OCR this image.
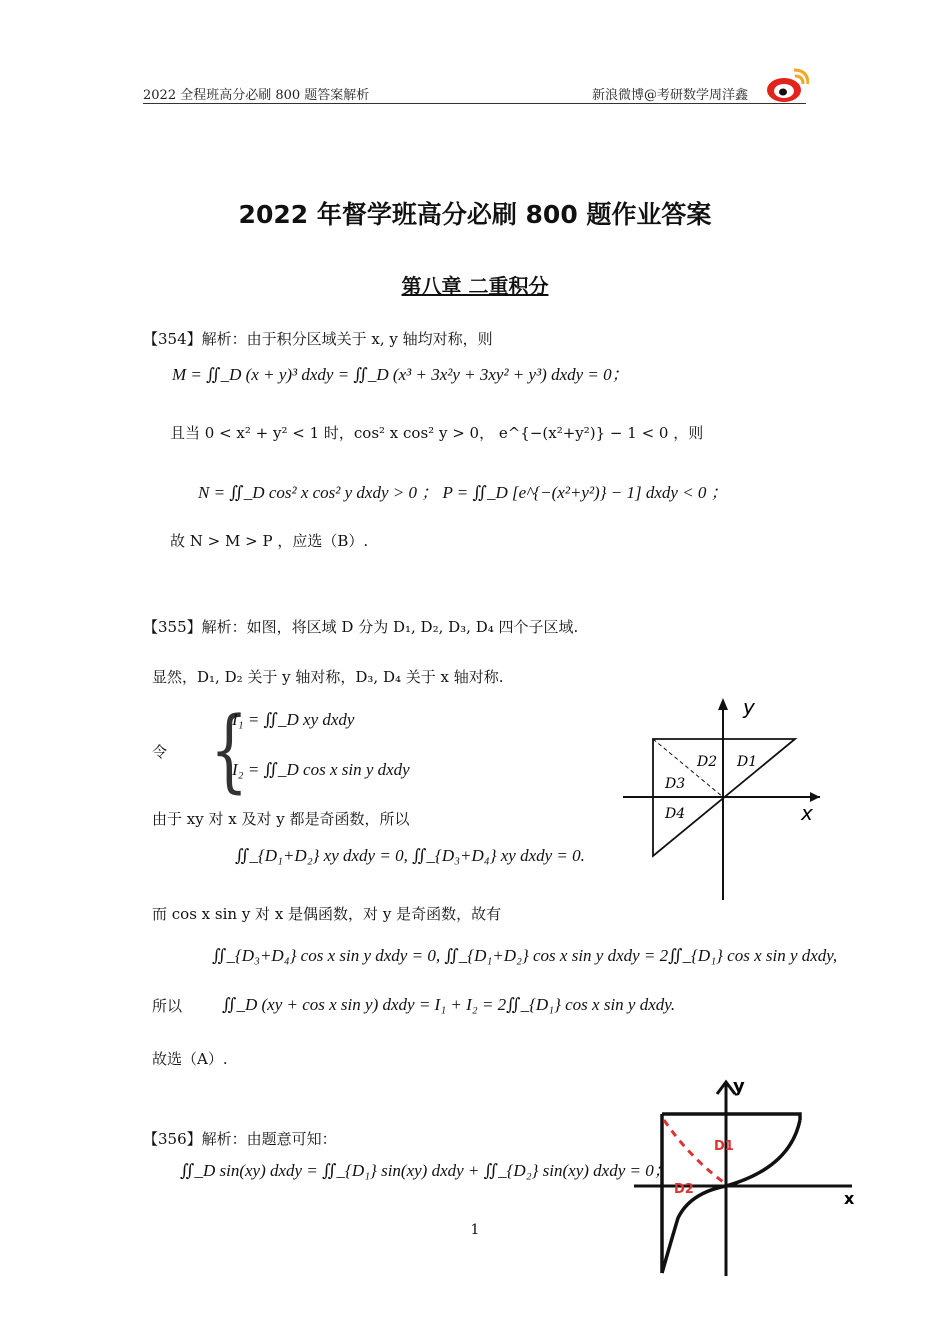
2022 全程班高分必刷 800 题答案解析	新浪微博@考研数学周洋鑫
2022 年督学班高分必刷 800 题作业答案
第八章 二重积分
【354】解析：由于积分区域关于 x, y 轴均对称，则
M = ∬_D (x + y)³ dxdy = ∬_D (x³ + 3x²y + 3xy² + y³) dxdy = 0；
且当 0 < x² + y² < 1 时，cos² x cos² y > 0， e^{−(x²+y²)} − 1 < 0 ，则
N = ∬_D cos² x cos² y dxdy > 0 ； P = ∬_D [e^{−(x²+y²)} − 1] dxdy < 0 ；
故 N > M > P ，应选（B）.
【355】解析：如图，将区域 D 分为 D₁, D₂, D₃, D₄ 四个子区域.
显然，D₁, D₂ 关于 y 轴对称，D₃, D₄ 关于 x 轴对称.
令 {
I₁ = ∬_D xy dxdy
I₂ = ∬_D cos x sin y dxdy
由于 xy 对 x 及对 y 都是奇函数，所以
∬_{D₁+D₂} xy dxdy = 0, ∬_{D₃+D₄} xy dxdy = 0.
而 cos x sin y 对 x 是偶函数，对 y 是奇函数，故有
∬_{D₃+D₄} cos x sin y dxdy = 0, ∬_{D₁+D₂} cos x sin y dxdy = 2∬_{D₁} cos x sin y dxdy,
所以 ∬_D (xy + cos x sin y) dxdy = I₁ + I₂ = 2∬_{D₁} cos x sin y dxdy.
故选（A）.
y
x
D2 D1
D3
D4
【356】解析：由题意可知：
∬_D sin(xy) dxdy = ∬_{D₁} sin(xy) dxdy + ∬_{D₂} sin(xy) dxdy = 0；
y
x
D1
D2
1
